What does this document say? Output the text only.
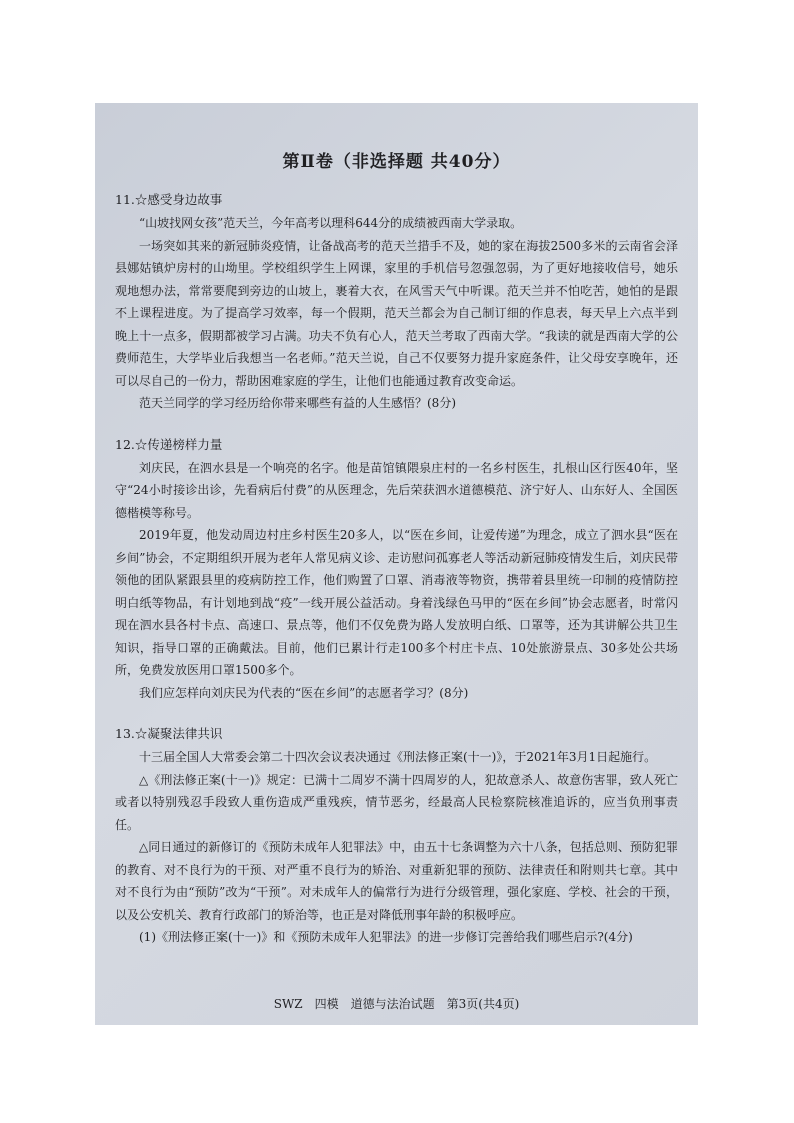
第Ⅱ卷（非选择题 共40分）
11.☆感受身边故事

“山坡找网女孩”范天兰，今年高考以理科644分的成绩被西南大学录取。

一场突如其来的新冠肺炎疫情，让备战高考的范天兰措手不及，她的家在海拔2500多米的云南省会泽县娜姑镇炉房村的山坳里。学校组织学生上网课，家里的手机信号忽强忽弱，为了更好地接收信号，她乐观地想办法，常常要爬到旁边的山坡上，裹着大衣，在风雪天气中听课。范天兰并不怕吃苦，她怕的是跟不上课程进度。为了提高学习效率，每一个假期，范天兰都会为自己制订细的作息表，每天早上六点半到晚上十一点多，假期都被学习占满。功夫不负有心人，范天兰考取了西南大学。“我读的就是西南大学的公费师范生，大学毕业后我想当一名老师。”范天兰说，自己不仅要努力提升家庭条件，让父母安享晚年，还可以尽自己的一份力，帮助困难家庭的学生，让他们也能通过教育改变命运。

范天兰同学的学习经历给你带来哪些有益的人生感悟？(8分)

12.☆传递榜样力量

刘庆民，在泗水县是一个响亮的名字。他是苗馆镇隈泉庄村的一名乡村医生，扎根山区行医40年，坚守“24小时接诊出诊，先看病后付费”的从医理念，先后荣获泗水道德模范、济宁好人、山东好人、全国医德楷模等称号。

2019年夏，他发动周边村庄乡村医生20多人，以“医在乡间，让爱传递”为理念，成立了泗水县“医在乡间”协会，不定期组织开展为老年人常见病义诊、走访慰问孤寡老人等活动新冠肺疫情发生后，刘庆民带领他的团队紧跟县里的疫病防控工作，他们购置了口罩、消毒液等物资，携带着县里统一印制的疫情防控明白纸等物品，有计划地到战“疫”一线开展公益活动。身着浅绿色马甲的“医在乡间”协会志愿者，时常闪现在泗水县各村卡点、高速口、景点等，他们不仅免费为路人发放明白纸、口罩等，还为其讲解公共卫生知识，指导口罩的正确戴法。目前，他们已累计行走100多个村庄卡点、10处旅游景点、30多处公共场所，免费发放医用口罩1500多个。

我们应怎样向刘庆民为代表的“医在乡间”的志愿者学习？(8分)

13.☆凝聚法律共识

十三届全国人大常委会第二十四次会议表决通过《刑法修正案(十一)》，于2021年3月1日起施行。

△《刑法修正案(十一)》规定：已满十二周岁不满十四周岁的人，犯故意杀人、故意伤害罪，致人死亡或者以特别残忍手段致人重伤造成严重残疾，情节恶劣，经最高人民检察院核准追诉的，应当负刑事责任。

△同日通过的新修订的《预防未成年人犯罪法》中，由五十七条调整为六十八条，包括总则、预防犯罪的教育、对不良行为的干预、对严重不良行为的矫治、对重新犯罪的预防、法律责任和附则共七章。其中对不良行为由“预防”改为“干预”。对未成年人的偏常行为进行分级管理，强化家庭、学校、社会的干预，以及公安机关、教育行政部门的矫治等，也正是对降低刑事年龄的积极呼应。

(1)《刑法修正案(十一)》和《预防未成年人犯罪法》的进一步修订完善给我们哪些启示?(4分)

SWZ　四模　道德与法治试题　第3页(共4页)
